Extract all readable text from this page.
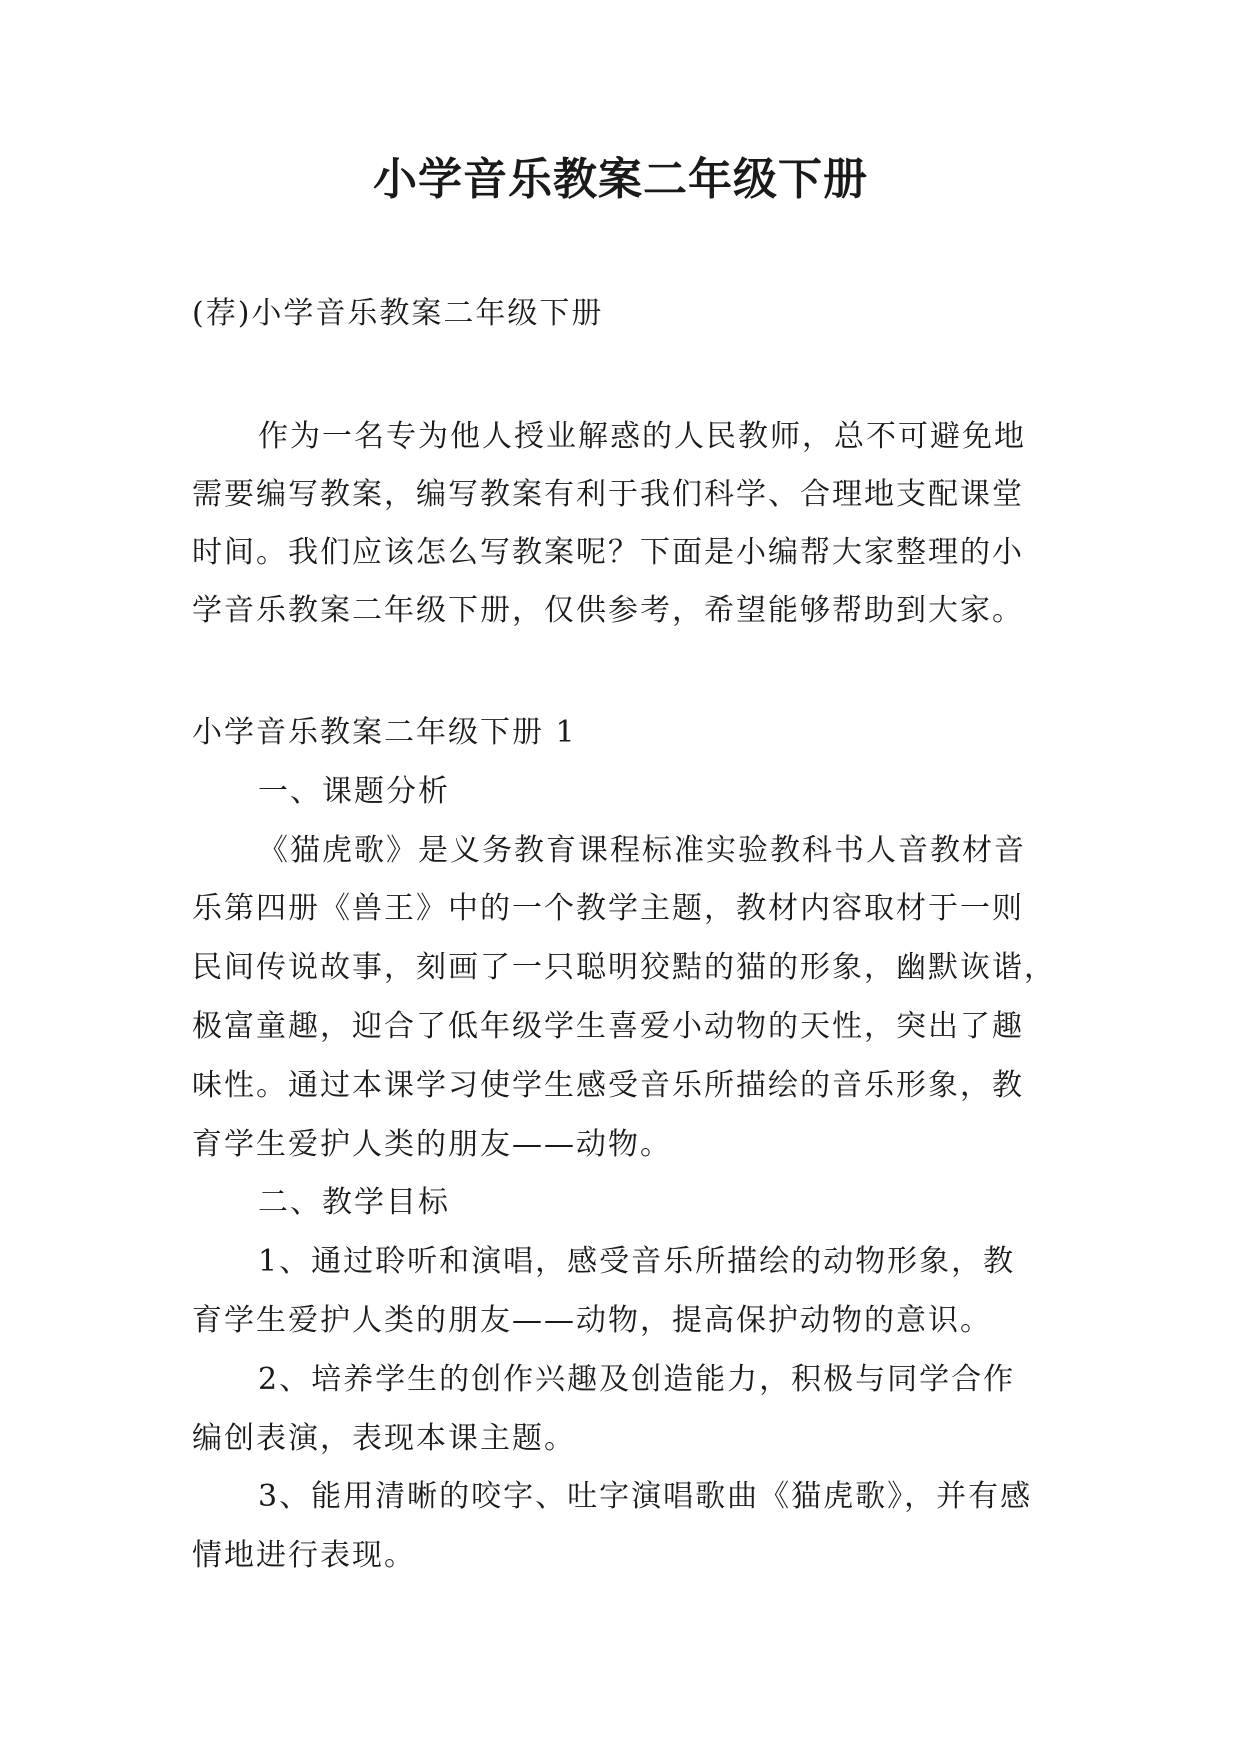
小学音乐教案二年级下册
(荐)小学音乐教案二年级下册
作为一名专为他人授业解惑的人民教师，总不可避免地
需要编写教案，编写教案有利于我们科学、合理地支配课堂
时间。我们应该怎么写教案呢？下面是小编帮大家整理的小
学音乐教案二年级下册，仅供参考，希望能够帮助到大家。
小学音乐教案二年级下册 1
一、课题分析
《猫虎歌》是义务教育课程标准实验教科书人音教材音
乐第四册《兽王》中的一个教学主题，教材内容取材于一则
民间传说故事，刻画了一只聪明狡黠的猫的形象，幽默诙谐，
极富童趣，迎合了低年级学生喜爱小动物的天性，突出了趣
味性。通过本课学习使学生感受音乐所描绘的音乐形象，教
育学生爱护人类的朋友——动物。
二、教学目标
1、通过聆听和演唱，感受音乐所描绘的动物形象，教
育学生爱护人类的朋友——动物，提高保护动物的意识。
2、培养学生的创作兴趣及创造能力，积极与同学合作
编创表演，表现本课主题。
3、能用清晰的咬字、吐字演唱歌曲《猫虎歌》，并有感
情地进行表现。
